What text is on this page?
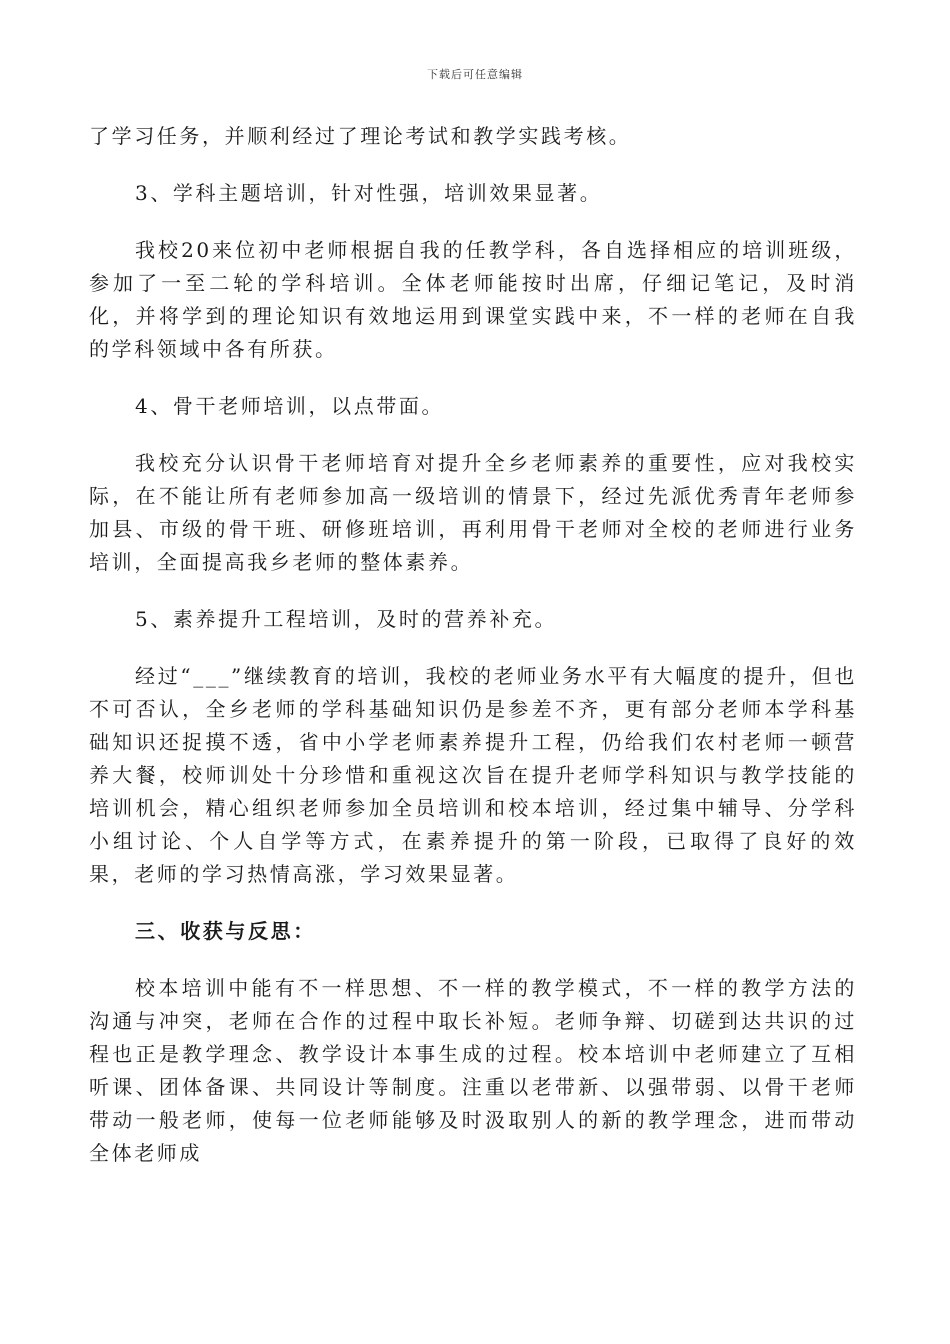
下载后可任意编辑

了学习任务，并顺利经过了理论考试和教学实践考核。

3、学科主题培训，针对性强，培训效果显著。

我校20来位初中老师根据自我的任教学科，各自选择相应的培训班级，参加了一至二轮的学科培训。全体老师能按时出席，仔细记笔记，及时消化，并将学到的理论知识有效地运用到课堂实践中来，不一样的老师在自我的学科领域中各有所获。

4、骨干老师培训，以点带面。

我校充分认识骨干老师培育对提升全乡老师素养的重要性，应对我校实际，在不能让所有老师参加高一级培训的情景下，经过先派优秀青年老师参加县、市级的骨干班、研修班培训，再利用骨干老师对全校的老师进行业务培训，全面提高我乡老师的整体素养。

5、素养提升工程培训，及时的营养补充。

经过“___”继续教育的培训，我校的老师业务水平有大幅度的提升，但也不可否认，全乡老师的学科基础知识仍是参差不齐，更有部分老师本学科基础知识还捉摸不透，省中小学老师素养提升工程，仍给我们农村老师一顿营养大餐，校师训处十分珍惜和重视这次旨在提升老师学科知识与教学技能的培训机会，精心组织老师参加全员培训和校本培训，经过集中辅导、分学科小组讨论、个人自学等方式，在素养提升的第一阶段，已取得了良好的效果，老师的学习热情高涨，学习效果显著。

三、收获与反思：

校本培训中能有不一样思想、不一样的教学模式，不一样的教学方法的沟通与冲突，老师在合作的过程中取长补短。老师争辩、切磋到达共识的过程也正是教学理念、教学设计本事生成的过程。校本培训中老师建立了互相听课、团体备课、共同设计等制度。注重以老带新、以强带弱、以骨干老师带动一般老师，使每一位老师能够及时汲取别人的新的教学理念，进而带动全体老师成
